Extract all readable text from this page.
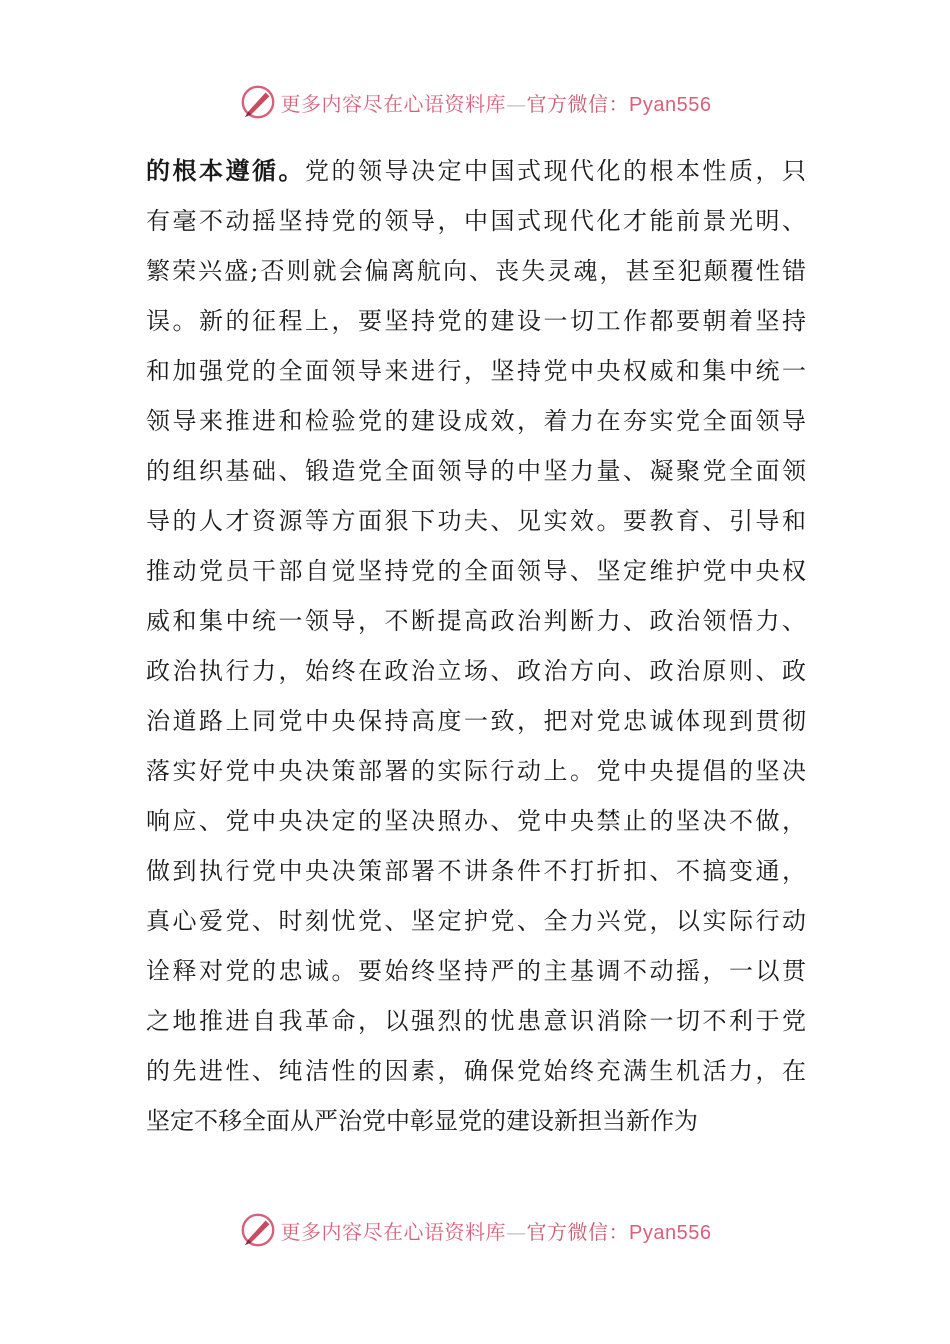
更多内容尽在心语资料库—官方微信：Pyan556
的根本遵循。党的领导决定中国式现代化的根本性质，只
有毫不动摇坚持党的领导，中国式现代化才能前景光明、
繁荣兴盛;否则就会偏离航向、丧失灵魂，甚至犯颠覆性错
误。新的征程上，要坚持党的建设一切工作都要朝着坚持
和加强党的全面领导来进行，坚持党中央权威和集中统一
领导来推进和检验党的建设成效，着力在夯实党全面领导
的组织基础、锻造党全面领导的中坚力量、凝聚党全面领
导的人才资源等方面狠下功夫、见实效。要教育、引导和
推动党员干部自觉坚持党的全面领导、坚定维护党中央权
威和集中统一领导，不断提高政治判断力、政治领悟力、
政治执行力，始终在政治立场、政治方向、政治原则、政
治道路上同党中央保持高度一致，把对党忠诚体现到贯彻
落实好党中央决策部署的实际行动上。党中央提倡的坚决
响应、党中央决定的坚决照办、党中央禁止的坚决不做，
做到执行党中央决策部署不讲条件不打折扣、不搞变通，
真心爱党、时刻忧党、坚定护党、全力兴党，以实际行动
诠释对党的忠诚。要始终坚持严的主基调不动摇，一以贯
之地推进自我革命，以强烈的忧患意识消除一切不利于党
的先进性、纯洁性的因素，确保党始终充满生机活力，在
坚定不移全面从严治党中彰显党的建设新担当新作为
更多内容尽在心语资料库—官方微信：Pyan556
